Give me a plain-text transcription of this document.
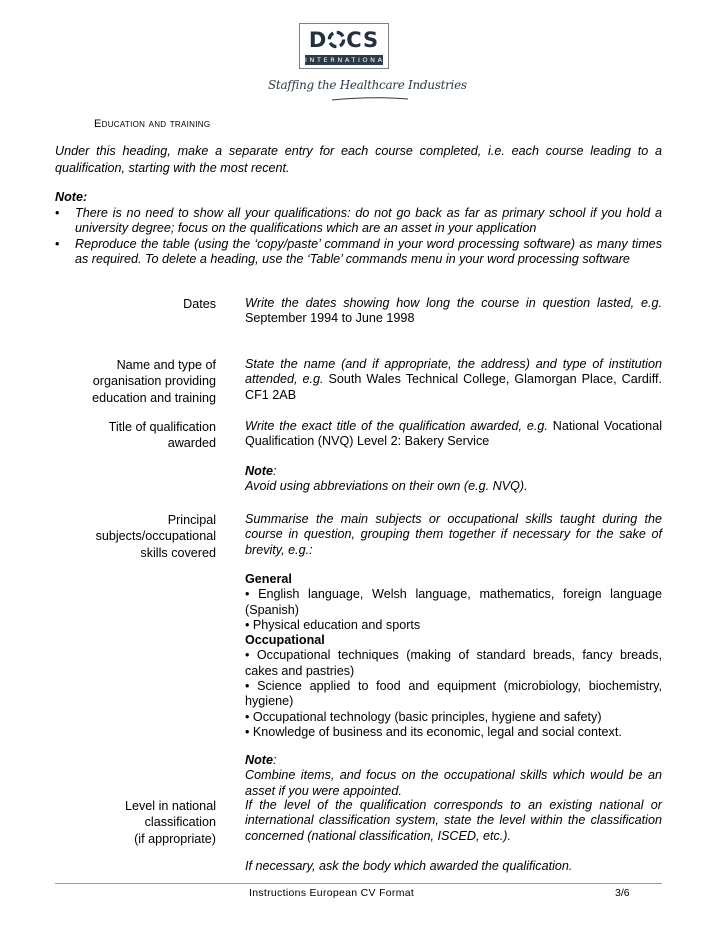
D CS
INTERNATIONAL
Staffing the Healthcare Industries
Education and training
Under this heading, make a separate entry for each course completed, i.e. each course leading to a qualification, starting with the most recent.
Note:
•	There is no need to show all your qualifications: do not go back as far as primary school if you hold a university degree; focus on the qualifications which are an asset in your application
•	Reproduce the table (using the ‘copy/paste’ command in your word processing software) as many times as required. To delete a heading, use the ‘Table’ commands menu in your word processing software
Dates Write the dates showing how long the course in question lasted, e.g. September 1994 to June 1998
Name and type of
organisation providing
education and training
State the name (and if appropriate, the address) and type of institution attended, e.g. South Wales Technical College, Glamorgan Place, Cardiff. CF1 2AB
Title of qualification
awarded
Write the exact title of the qualification awarded, e.g. National Vocational Qualification (NVQ) Level 2: Bakery Service
Note:
Avoid using abbreviations on their own (e.g. NVQ).
Principal
subjects/occupational
skills covered
Summarise the main subjects or occupational skills taught during the course in question, grouping them together if necessary for the sake of brevity, e.g.:
General
• English language, Welsh language, mathematics, foreign language (Spanish)
• Physical education and sports
Occupational
• Occupational techniques (making of standard breads, fancy breads, cakes and pastries)
• Science applied to food and equipment (microbiology, biochemistry, hygiene)
• Occupational technology (basic principles, hygiene and safety)
• Knowledge of business and its economic, legal and social context.
Note:
Combine items, and focus on the occupational skills which would be an asset if you were appointed.
Level in national
classification
(if appropriate)
If the level of the qualification corresponds to an existing national or international classification system, state the level within the classification concerned (national classification, ISCED, etc.).
If necessary, ask the body which awarded the qualification.
Instructions European CV Format	3/6
